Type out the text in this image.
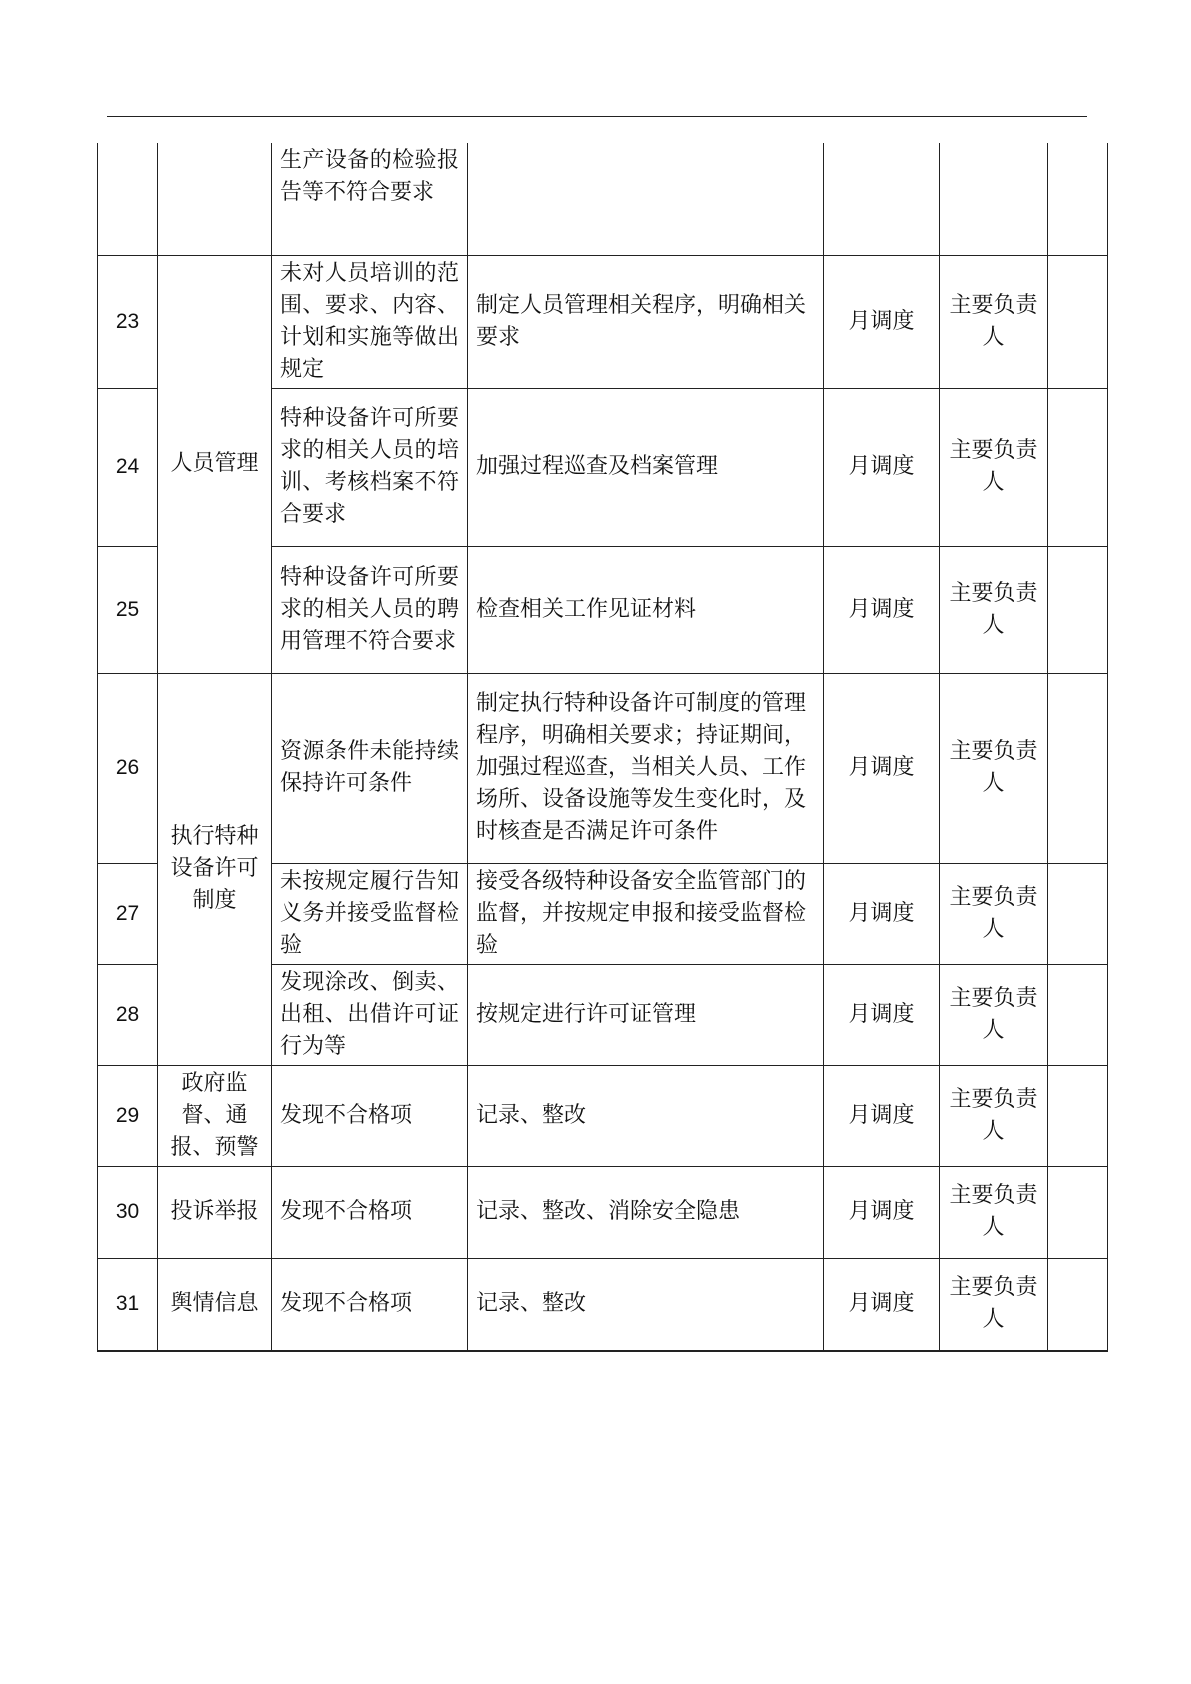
		生产设备的检验报告等不符合要求				
23	人员管理	未对人员培训的范围、要求、内容、计划和实施等做出规定	制定人员管理相关程序，明确相关要求	月调度	主要负责人	
24		特种设备许可所要求的相关人员的培训、考核档案不符合要求	加强过程巡查及档案管理	月调度	主要负责人	
25		特种设备许可所要求的相关人员的聘用管理不符合要求	检查相关工作见证材料	月调度	主要负责人	
26	执行特种设备许可制度	资源条件未能持续保持许可条件	制定执行特种设备许可制度的管理程序，明确相关要求；持证期间，加强过程巡查，当相关人员、工作场所、设备设施等发生变化时，及时核查是否满足许可条件	月调度	主要负责人	
27		未按规定履行告知义务并接受监督检验	接受各级特种设备安全监管部门的监督，并按规定申报和接受监督检验	月调度	主要负责人	
28		发现涂改、倒卖、出租、出借许可证行为等	按规定进行许可证管理	月调度	主要负责人	
29	政府监督、通报、预警	发现不合格项	记录、整改	月调度	主要负责人	
30	投诉举报	发现不合格项	记录、整改、消除安全隐患	月调度	主要负责人	
31	舆情信息	发现不合格项	记录、整改	月调度	主要负责人	
